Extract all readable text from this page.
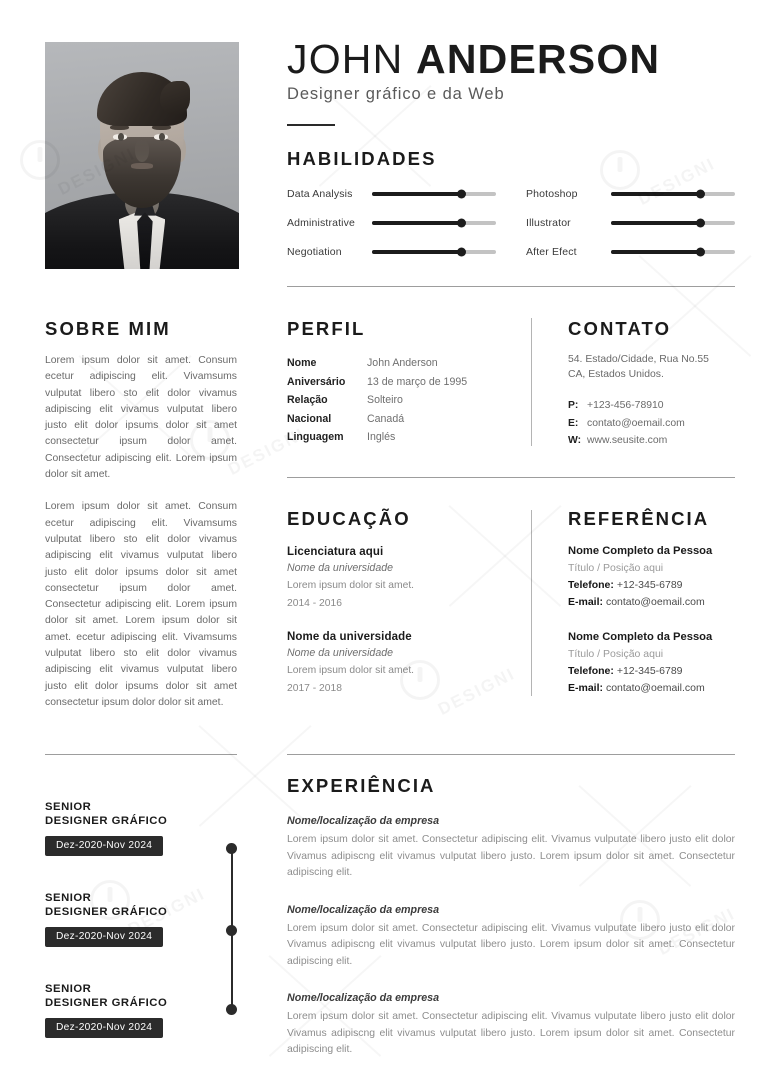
JOHN ANDERSON
Designer gráfico e da Web
HABILIDADES
Data Analysis	Photoshop
Administrative	Illustrator
Negotiation	After Efect
SOBRE MIM

Lorem ipsum dolor sit amet. Consum ecetur adipiscing elit. Vivamsums vulputat libero sto elit dolor vivamus adipiscing elit vivamus vulputat libero justo elit dolor ipsums dolor sit amet consectetur ipsum dolor amet. Consectetur adipiscing elit. Lorem ipsum dolor sit amet.

Lorem ipsum dolor sit amet. Consum ecetur adipiscing elit. Vivamsums vulputat libero sto elit dolor vivamus adipiscing elit vivamus vulputat libero justo elit dolor ipsums dolor sit amet consectetur ipsum dolor amet. Consectetur adipiscing elit. Lorem ipsum dolor sit amet. Lorem ipsum dolor sit amet. ecetur adipiscing elit. Vivamsums vulputat libero sto elit dolor vivamus adipiscing elit vivamus vulputat libero justo elit dolor ipsums dolor sit amet consectetur ipsum dolor dolor sit amet.

PERFIL
Nome	John Anderson
Aniversário	13 de março de 1995
Relação	Solteiro
Nacional	Canadá
Linguagem	Inglés
CONTATO
54. Estado/Cidade, Rua No.55
CA, Estados Unidos.
P: +123-456-78910
E: contato@oemail.com
W: www.seusite.com
EDUCAÇÃO
Licenciatura aqui
Nome da universidade
Lorem ipsum dolor sit amet.
2014 - 2016
Nome da universidade
Nome da universidade
Lorem ipsum dolor sit amet.
2017 - 2018
REFERÊNCIA
Nome Completo da Pessoa
Título / Posição aqui
Telefone: +12-345-6789
E-mail: contato@oemail.com
Nome Completo da Pessoa
Título / Posição aqui
Telefone: +12-345-6789
E-mail: contato@oemail.com
EXPERIÊNCIA
Nome/localização da empresa
Lorem ipsum dolor sit amet. Consectetur adipiscing elit. Vivamus vulputate libero justo elit dolor Vivamus adipiscng elit vivamus vulputat libero justo. Lorem ipsum dolor sit amet. Consectetur adipiscing elit.
Nome/localização da empresa
Lorem ipsum dolor sit amet. Consectetur adipiscing elit. Vivamus vulputate libero justo elit dolor Vivamus adipiscng elit vivamus vulputat libero justo. Lorem ipsum dolor sit amet. Consectetur adipiscing elit.
Nome/localização da empresa
Lorem ipsum dolor sit amet. Consectetur adipiscing elit. Vivamus vulputate libero justo elit dolor Vivamus adipiscng elit vivamus vulputat libero justo. Lorem ipsum dolor sit amet. Consectetur adipiscing elit.
SENIOR
DESIGNER GRÁFICO
Dez-2020-Nov 2024
SENIOR
DESIGNER GRÁFICO
Dez-2020-Nov 2024
SENIOR
DESIGNER GRÁFICO
Dez-2020-Nov 2024
